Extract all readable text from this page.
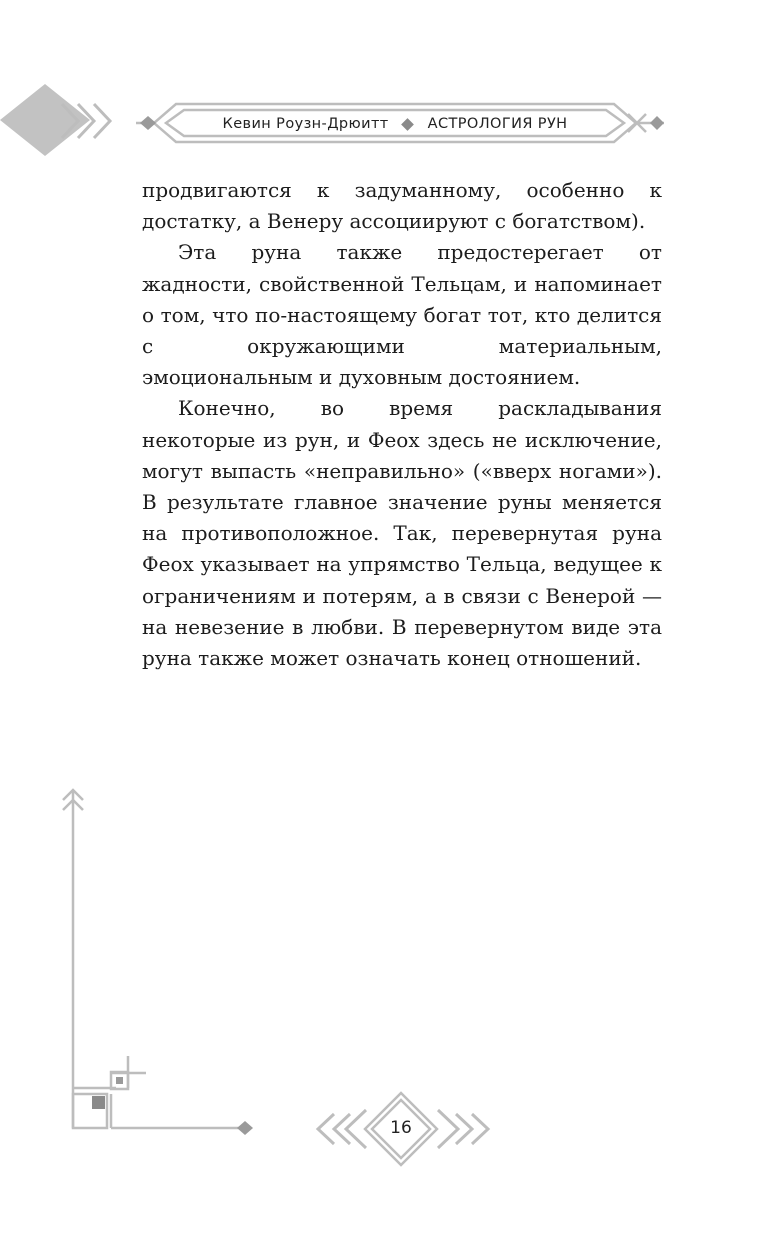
Кевин Роузн-Дрюитт	АСТРОЛОГИЯ РУН

продвигаются к задуманному, особенно к достатку, а Венеру ассоциируют с богатством).

Эта руна также предостерегает от жадности, свойственной Тельцам, и напоминает о том, что по-настоящему богат тот, кто делится с окружающими материальным, эмоциональным и духовным достоянием.

Конечно, во время раскладывания некоторые из рун, и Феох здесь не исключение, могут выпасть «неправильно» («вверх ногами»). В результате главное значение руны меняется на противоположное. Так, перевернутая руна Феох указывает на упрямство Тельца, ведущее к ограничениям и потерям, а в связи с Венерой — на невезение в любви. В перевернутом виде эта руна также может означать конец отношений.

16
